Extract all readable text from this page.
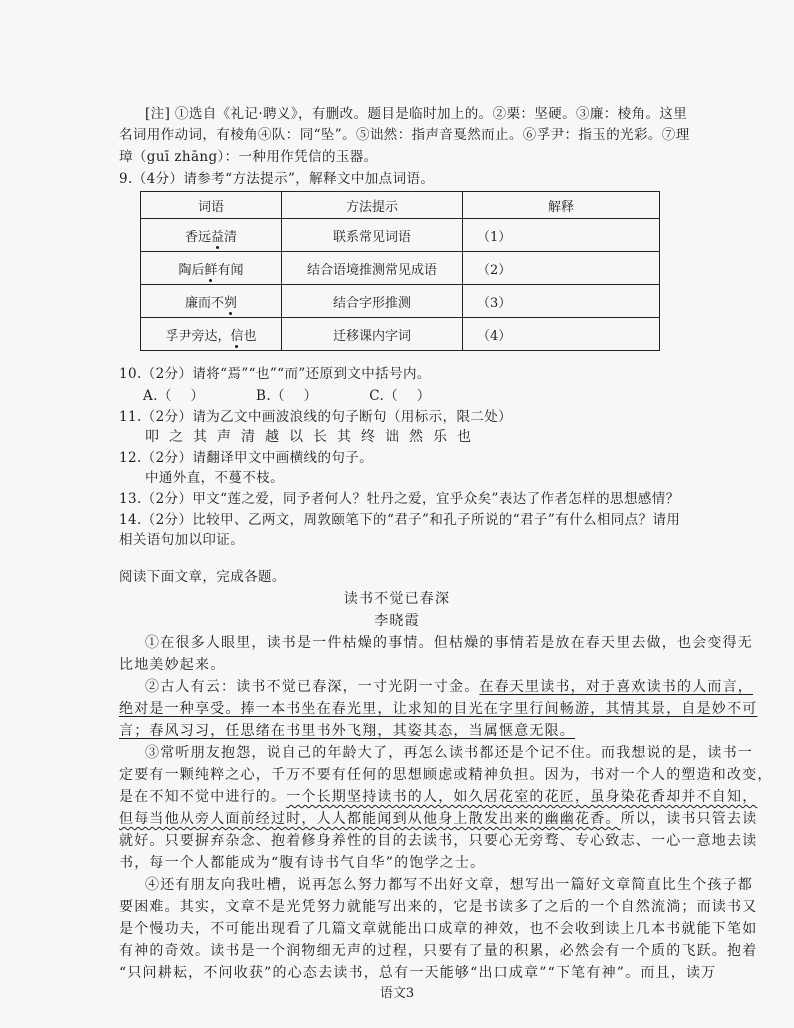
[注] ①选自《礼记·聘义》，有删改。题目是临时加上的。②栗：坚硬。③廉：棱角。这里
名词用作动词，有棱角④队：同“坠”。⑤诎然：指声音戛然而止。⑥孚尹：指玉的光彩。⑦理
璋（guī zhāng）：一种用作凭信的玉器。
9.（4分）请参考“方法提示”，解释文中加点词语。
词语	方法提示	解释
香远益清	联系常见词语	（1）
陶后鲜有闻	结合语境推测常见成语	（2）
廉而不刿	结合字形推测	（3）
孚尹旁达，信也	迁移课内字词	（4）
10.（2分）请将“焉”“也”“而”还原到文中括号内。
A.（    ）           B.（    ）           C.（    ）
11.（2分）请为乙文中画波浪线的句子断句（用标示，限二处）
叩之其声清越以长其终诎然乐也
12.（2分）请翻译甲文中画横线的句子。
中通外直，不蔓不枝。
13.（2分）甲文“莲之爱，同予者何人？牡丹之爱，宜乎众矣”表达了作者怎样的思想感情？
14.（2分）比较甲、乙两文，周敦颐笔下的“君子”和孔子所说的“君子”有什么相同点？请用
相关语句加以印证。
阅读下面文章，完成各题。
读书不觉已春深
李晓霞
①在很多人眼里，读书是一件枯燥的事情。但枯燥的事情若是放在春天里去做，也会变得无
比地美妙起来。
②古人有云：读书不觉已春深，一寸光阴一寸金。在春天里读书，对于喜欢读书的人而言，
绝对是一种享受。捧一本书坐在春光里，让求知的目光在字里行间畅游，其情其景，自是妙不可
言；春风习习，任思绪在书里书外飞翔，其姿其态，当属惬意无限。
③常听朋友抱怨，说自己的年龄大了，再怎么读书都还是个记不住。而我想说的是，读书一
定要有一颗纯粹之心，千万不要有任何的思想顾虑或精神负担。因为，书对一个人的塑造和改变，
是在不知不觉中进行的。一个长期坚持读书的人，如久居花室的花匠，虽身染花香却并不自知，
但每当他从旁人面前经过时，人人都能闻到从他身上散发出来的幽幽花香。所以，读书只管去读
就好。只要摒弃杂念、抱着修身养性的目的去读书，只要心无旁骛、专心致志、一心一意地去读
书，每一个人都能成为“腹有诗书气自华”的饱学之士。
④还有朋友向我吐槽，说再怎么努力都写不出好文章，想写出一篇好文章简直比生个孩子都
要困难。其实，文章不是光凭努力就能写出来的，它是书读多了之后的一个自然流淌；而读书又
是个慢功夫，不可能出现看了几篇文章就能出口成章的神效，也不会收到读上几本书就能下笔如
有神的奇效。读书是一个润物细无声的过程，只要有了量的积累，必然会有一个质的飞跃。抱着
“只问耕耘，不问收获”的心态去读书，总有一天能够“出口成章”“下笔有神”。而且，读万
语文3
